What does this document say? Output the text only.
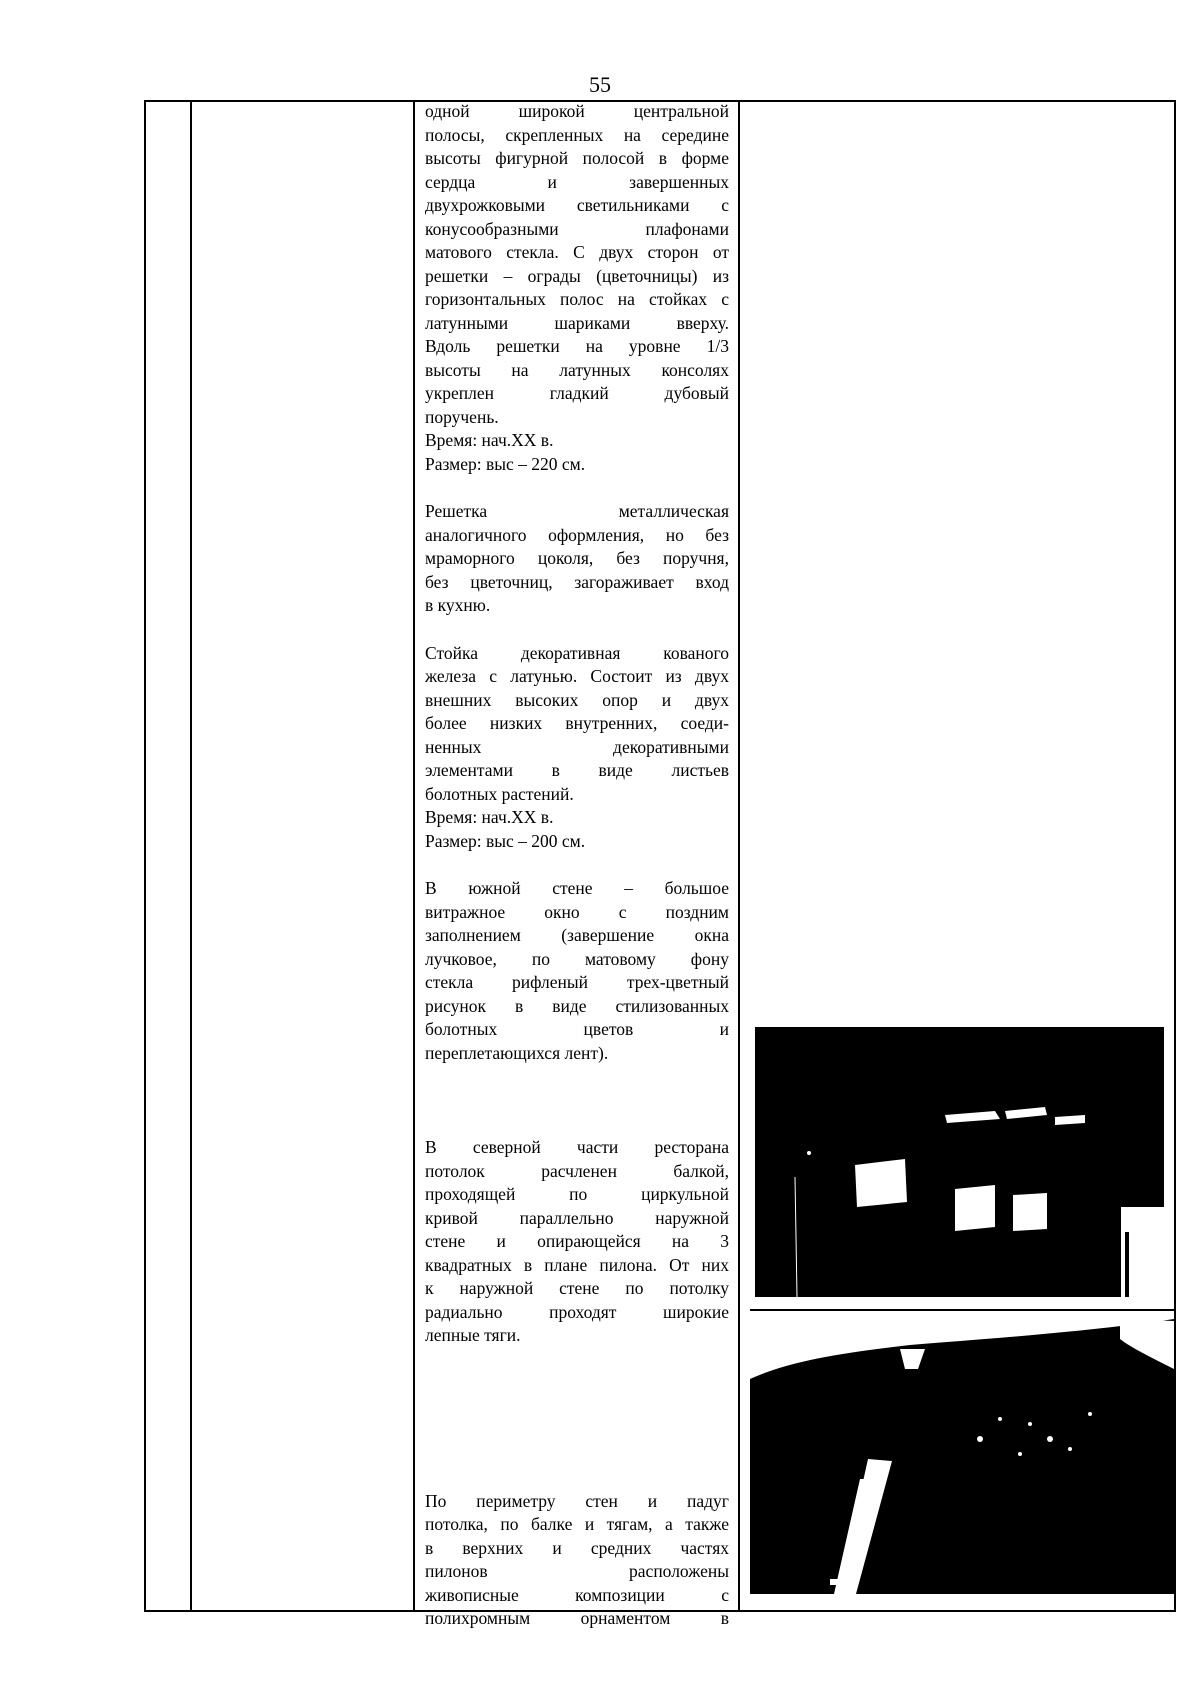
55
одной широкой центральной
полосы, скрепленных на середине
высоты фигурной полосой в форме
сердца и завершенных
двухрожковыми светильниками с
конусообразными плафонами
матового стекла. С двух сторон от
решетки – ограды (цветочницы) из
горизонтальных полос на стойках с
латунными шариками вверху.
Вдоль решетки на уровне 1/3
высоты на латунных консолях
укреплен гладкий дубовый
поручень.
Время: нач.XX в.
Размер: выс – 220 см.
Решетка металлическая
аналогичного оформления, но без
мраморного цоколя, без поручня,
без цветочниц, загораживает вход
в кухню.
Стойка декоративная кованого
железа с латунью. Состоит из двух
внешних высоких опор и двух
более низких внутренних, соеди-
ненных декоративными
элементами в виде листьев
болотных растений.
Время: нач.XX в.
Размер: выс – 200 см.
В южной стене – большое
витражное окно с поздним
заполнением (завершение окна
лучковое, по матовому фону
стекла рифленый трех-цветный
рисунок в виде стилизованных
болотных цветов и
переплетающихся лент).
В северной части ресторана
потолок расчленен балкой,
проходящей по циркульной
кривой параллельно наружной
стене и опирающейся на 3
квадратных в плане пилона. От них
к наружной стене по потолку
радиально проходят широкие
лепные тяги.
По периметру стен и падуг
потолка, по балке и тягам, а также
в верхних и средних частях
пилонов расположены
живописные композиции с
полихромным орнаментом в
